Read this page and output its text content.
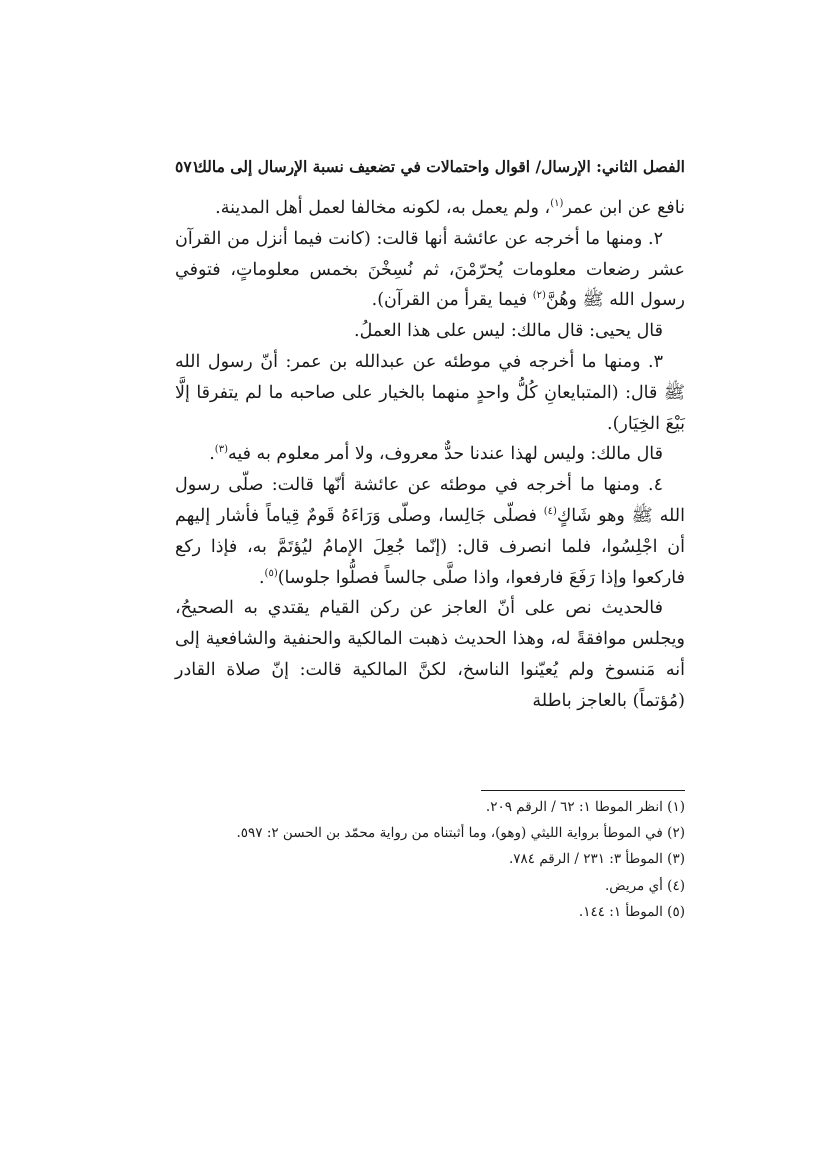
الفصل الثاني: الإرسال/ اقوال واحتمالات في تضعيف نسبة الإرسال إلى مالك
٥٧١

نافع عن ابن عمر$^{(١)}$، ولم يعمل به، لكونه مخالفا لعمل أهل المدينة.

٢. ومنها ما أخرجه عن عائشة أنها قالت: (كانت فيما أنزل من القرآن عشر رضعات معلومات يُحرّمْنَ، ثم نُسِخْنَ بخمس معلوماتٍ، فتوفي رسول الله ﷺ وهُنَّ$^{(٢)}$ فيما يقرأ من القرآن).

قال يحيى: قال مالك: ليس على هذا العملُ.

٣. ومنها ما أخرجه في موطئه عن عبدالله بن عمر: أنّ رسول الله ﷺ قال: (المتبايعانِ كُلُّ واحدٍ منهما بالخيار على صاحبه ما لم يتفرقا إلَّا بَيْعَ الخِيَار).

قال مالك: وليس لهذا عندنا حدٌّ معروف، ولا أمر معلوم به فيه$^{(٣)}$.

٤. ومنها ما أخرجه في موطئه عن عائشة أنّها قالت: صلّى رسول الله ﷺ وهو شَاكٍ$^{(٤)}$ فصلّى جَالِسا، وصلّى وَرَاءَهُ قَومٌ قِياماً فأشار إليهم أن اجْلِسُوا، فلما انصرف قال: (إنّما جُعِلَ الإمامُ ليُؤتَمَّ به، فإذا ركع فاركعوا وإذا رَفَعَ فارفعوا، واذا صلَّى جالساً فصلُّوا جلوسا)$^{(٥)}$.

فالحديث نص على أنّ العاجز عن ركن القيام يقتدي به الصحيحُ، ويجلس موافقةً له، وهذا الحديث ذهبت المالكية والحنفية والشافعية إلى أنه مَنسوخ ولم يُعيّنوا الناسخ، لكنَّ المالكية قالت: إنّ صلاة القادر (مُؤتماً) بالعاجز باطلة

(١) انظر الموطا ١: ٦٢ / الرقم ٢٠٩.
(٢) في الموطأ برواية الليثي (وهو)، وما أثبتناه من رواية محمّد بن الحسن ٢: ٥٩٧.
(٣) الموطأ ٣: ٢٣١ / الرقم ٧٨٤.
(٤) أي مريض.
(٥) الموطأ ١: ١٤٤.
